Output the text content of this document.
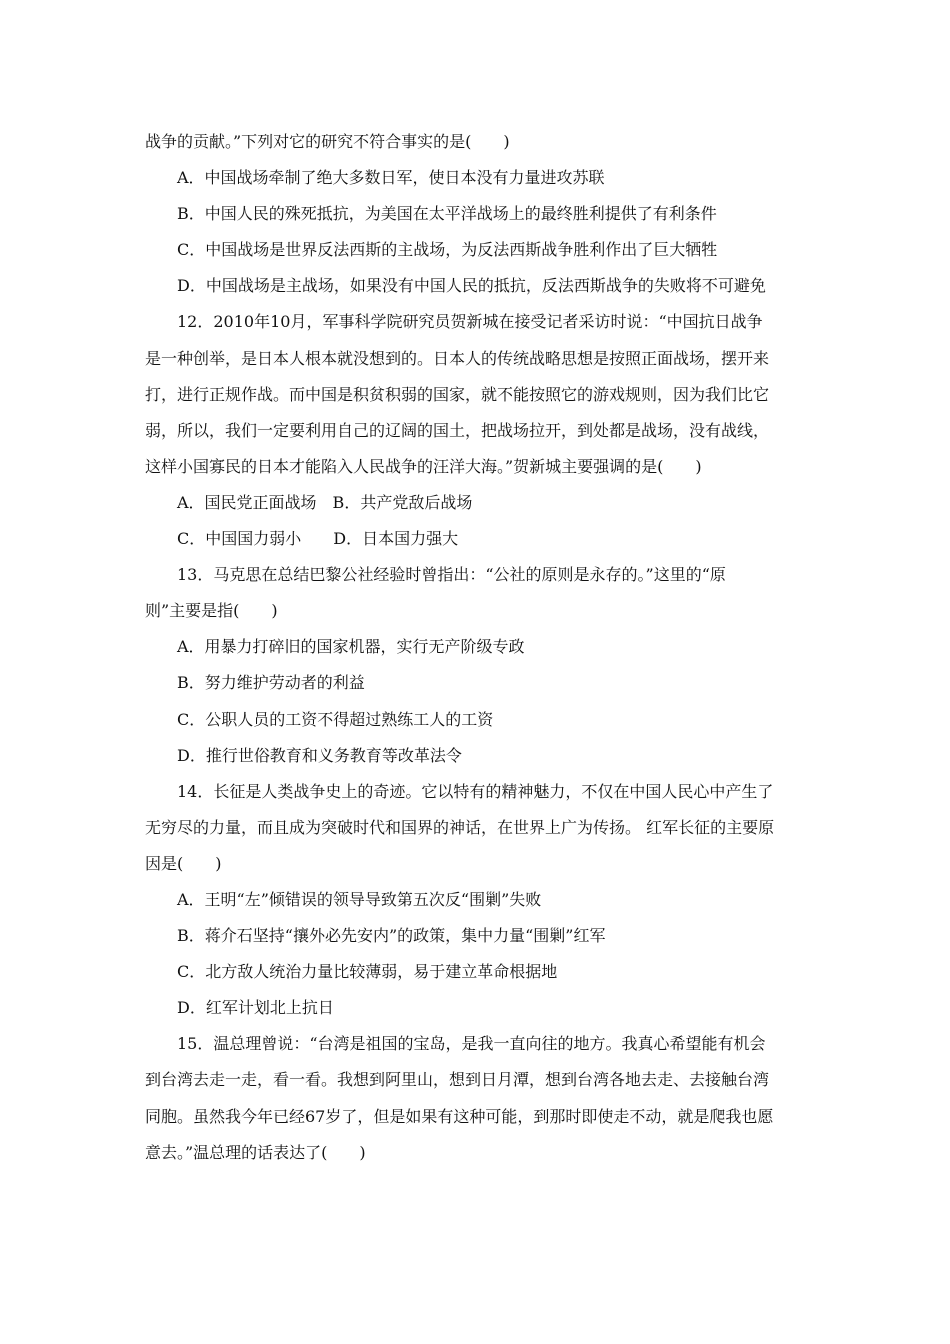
战争的贡献。”下列对它的研究不符合事实的是(　　)
A．中国战场牵制了绝大多数日军，使日本没有力量进攻苏联
B．中国人民的殊死抵抗，为美国在太平洋战场上的最终胜利提供了有利条件
C．中国战场是世界反法西斯的主战场，为反法西斯战争胜利作出了巨大牺牲
D．中国战场是主战场，如果没有中国人民的抵抗，反法西斯战争的失败将不可避免
12．2010年10月，军事科学院研究员贺新城在接受记者采访时说：“中国抗日战争
是一种创举，是日本人根本就没想到的。日本人的传统战略思想是按照正面战场，摆开来
打，进行正规作战。而中国是积贫积弱的国家，就不能按照它的游戏规则，因为我们比它
弱，所以，我们一定要利用自己的辽阔的国土，把战场拉开，到处都是战场，没有战线，
这样小国寡民的日本才能陷入人民战争的汪洋大海。”贺新城主要强调的是(　　)
A．国民党正面战场　B．共产党敌后战场
C．中国国力弱小　　D．日本国力强大
13．马克思在总结巴黎公社经验时曾指出：“公社的原则是永存的。”这里的“原
则”主要是指(　　)
A．用暴力打碎旧的国家机器，实行无产阶级专政
B．努力维护劳动者的利益
C．公职人员的工资不得超过熟练工人的工资
D．推行世俗教育和义务教育等改革法令
14．长征是人类战争史上的奇迹。它以特有的精神魅力，不仅在中国人民心中产生了
无穷尽的力量，而且成为突破时代和国界的神话，在世界上广为传扬。 红军长征的主要原
因是(　　)
A．王明“左”倾错误的领导导致第五次反“围剿”失败
B．蒋介石坚持“攘外必先安内”的政策，集中力量“围剿”红军
C．北方敌人统治力量比较薄弱，易于建立革命根据地
D．红军计划北上抗日
15．温总理曾说：“台湾是祖国的宝岛，是我一直向往的地方。我真心希望能有机会
到台湾去走一走，看一看。我想到阿里山，想到日月潭，想到台湾各地去走、去接触台湾
同胞。虽然我今年已经67岁了，但是如果有这种可能，到那时即使走不动，就是爬我也愿
意去。”温总理的话表达了(　　)
